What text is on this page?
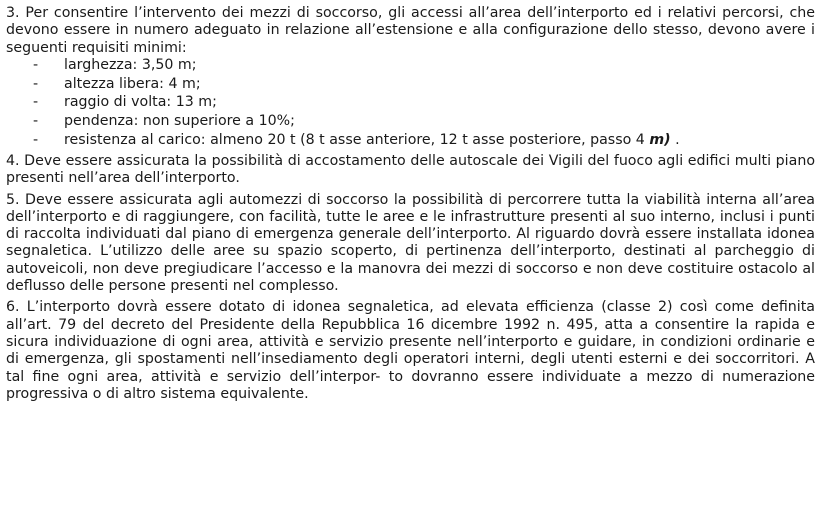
3. Per consentire l’intervento dei mezzi di soccorso, gli accessi all’area dell’interporto ed i relativi percorsi, che devono essere in numero adeguato in relazione all’estensione e alla configurazione dello stesso, devono avere i seguenti requisiti minimi:

- larghezza: 3,50 m;
- altezza libera: 4 m;
- raggio di volta: 13 m;
- pendenza: non superiore a 10%;
- resistenza al carico: almeno 20 t (8 t asse anteriore, 12 t asse posteriore, passo 4 m) .

4. Deve essere assicurata la possibilità di accostamento delle autoscale dei Vigili del fuoco agli edifici multi piano presenti nell’area dell’interporto.

5. Deve essere assicurata agli automezzi di soccorso la possibilità di percorrere tutta la viabilità interna all’area dell’interporto e di raggiungere, con facilità, tutte le aree e le infrastrutture presenti al suo interno, inclusi i punti di raccolta individuati dal piano di emergenza generale dell’interporto. Al riguardo dovrà essere installata idonea segnaletica. L’utilizzo delle aree su spazio scoperto, di pertinenza dell’interporto, destinati al parcheggio di autoveicoli, non deve pregiudicare l’accesso e la manovra dei mezzi di soccorso e non deve costituire ostacolo al deflusso delle persone presenti nel complesso.

6. L’interporto dovrà essere dotato di idonea segnaletica, ad elevata efficienza (classe 2) così come definita all’art. 79 del decreto del Presidente della Repubblica 16 dicembre 1992 n. 495, atta a consentire la rapida e sicura individuazione di ogni area, attività e servizio presente nell’interporto e guidare, in condizioni ordinarie e di emergenza, gli spostamenti nell’insediamento degli operatori interni, degli utenti esterni e dei soccorritori. A tal fine ogni area, attività e servizio dell’interpor- to dovranno essere individuate a mezzo di numerazione progressiva o di altro sistema equivalente.
